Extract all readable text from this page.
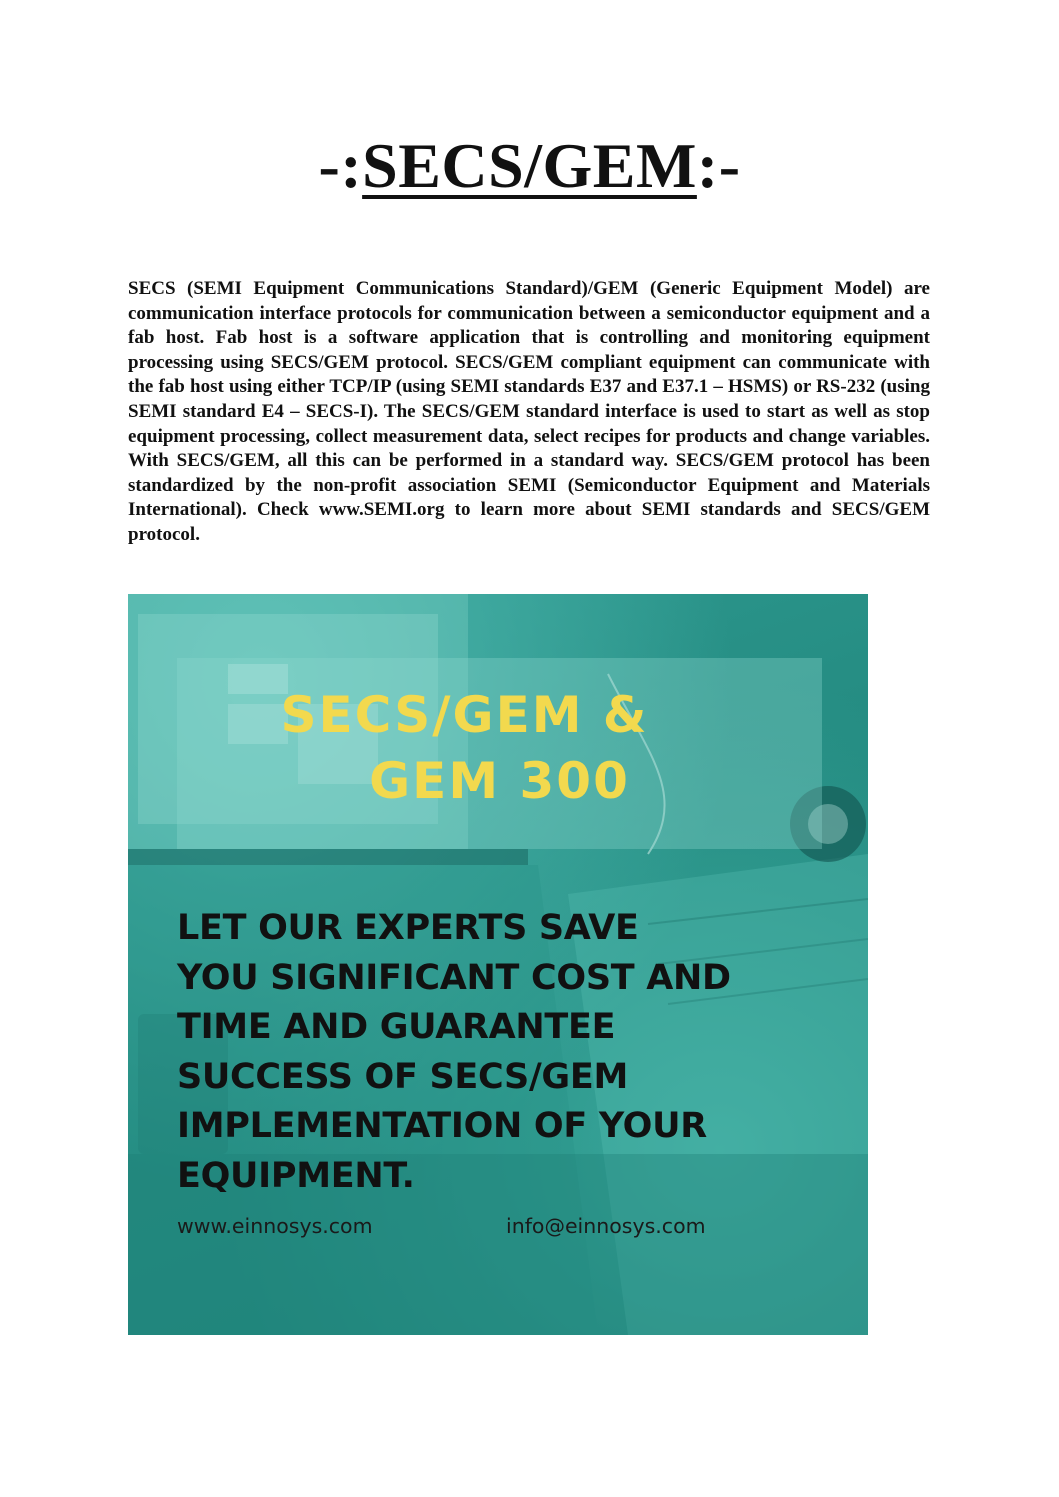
-:SECS/GEM:-

SECS (SEMI Equipment Communications Standard)/GEM (Generic Equipment Model) are communication interface protocols for communication between a semiconductor equipment and a fab host. Fab host is a software application that is controlling and monitoring equipment processing using SECS/GEM protocol. SECS/GEM compliant equipment can communicate with the fab host using either TCP/IP (using SEMI standards E37 and E37.1 – HSMS) or RS-232 (using SEMI standard E4 – SECS-I). The SECS/GEM standard interface is used to start as well as stop equipment processing, collect measurement data, select recipes for products and change variables. With SECS/GEM, all this can be performed in a standard way. SECS/GEM protocol has been standardized by the non-profit association SEMI (Semiconductor Equipment and Materials International). Check www.SEMI.org to learn more about SEMI standards and SECS/GEM protocol.

SECS/GEM &
GEM 300
LET OUR EXPERTS SAVE
YOU SIGNIFICANT COST AND
TIME AND GUARANTEE
SUCCESS OF SECS/GEM
IMPLEMENTATION OF YOUR
EQUIPMENT.
www.einnosys.com	info@einnosys.com
